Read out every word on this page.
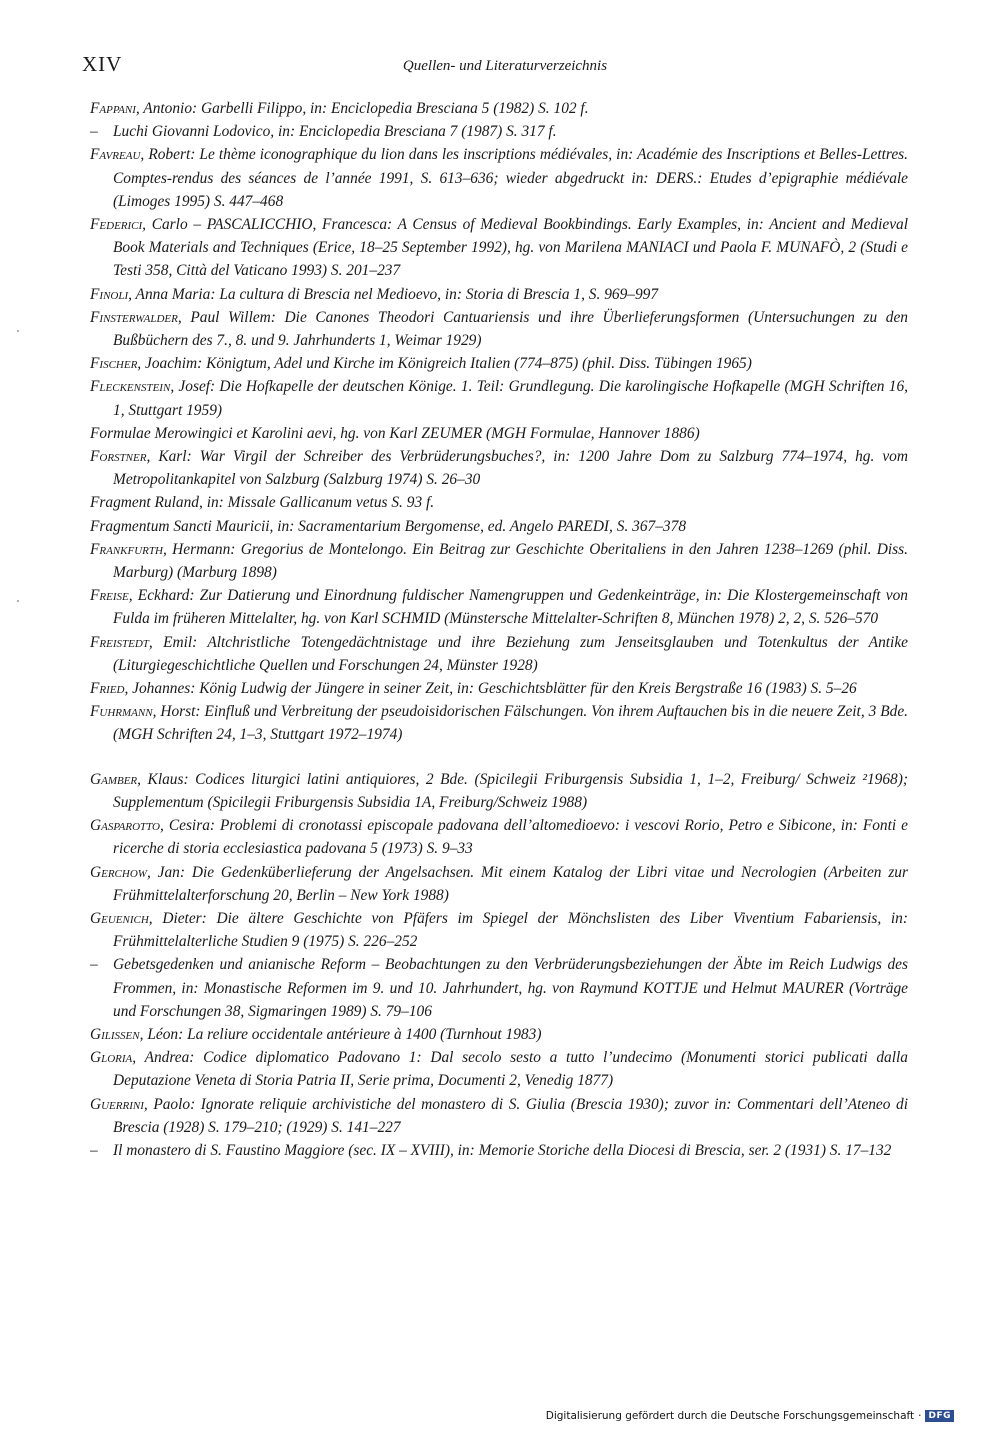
XIV	Quellen- und Literaturverzeichnis
Fappani, Antonio: Garbelli Filippo, in: Enciclopedia Bresciana 5 (1982) S. 102 f.
– Luchi Giovanni Lodovico, in: Enciclopedia Bresciana 7 (1987) S. 317 f.
Favreau, Robert: Le thème iconographique du lion dans les inscriptions médiévales, in: Académie des Inscriptions et Belles-Lettres. Comptes-rendus des séances de l’année 1991, S. 613–636; wieder abgedruckt in: DERS.: Etudes d’epigraphie médiévale (Limoges 1995) S. 447–468
Federici, Carlo – PASCALICCHIO, Francesca: A Census of Medieval Bookbindings. Early Examples, in: Ancient and Medieval Book Materials and Techniques (Erice, 18–25 September 1992), hg. von Marilena MANIACI und Paola F. MUNAFÒ, 2 (Studi e Testi 358, Città del Vaticano 1993) S. 201–237
Finoli, Anna Maria: La cultura di Brescia nel Medioevo, in: Storia di Brescia 1, S. 969–997
Finsterwalder, Paul Willem: Die Canones Theodori Cantuariensis und ihre Überlieferungsformen (Untersuchungen zu den Bußbüchern des 7., 8. und 9. Jahrhunderts 1, Weimar 1929)
Fischer, Joachim: Königtum, Adel und Kirche im Königreich Italien (774–875) (phil. Diss. Tübingen 1965)
Fleckenstein, Josef: Die Hofkapelle der deutschen Könige. 1. Teil: Grundlegung. Die karolingische Hofkapelle (MGH Schriften 16, 1, Stuttgart 1959)
Formulae Merowingici et Karolini aevi, hg. von Karl ZEUMER (MGH Formulae, Hannover 1886)
Forstner, Karl: War Virgil der Schreiber des Verbrüderungsbuches?, in: 1200 Jahre Dom zu Salzburg 774–1974, hg. vom Metropolitankapitel von Salzburg (Salzburg 1974) S. 26–30
Fragment Ruland, in: Missale Gallicanum vetus S. 93 f.
Fragmentum Sancti Mauricii, in: Sacramentarium Bergomense, ed. Angelo PAREDI, S. 367–378
Frankfurth, Hermann: Gregorius de Montelongo. Ein Beitrag zur Geschichte Oberitaliens in den Jahren 1238–1269 (phil. Diss. Marburg) (Marburg 1898)
Freise, Eckhard: Zur Datierung und Einordnung fuldischer Namengruppen und Gedenkeinträge, in: Die Klostergemeinschaft von Fulda im früheren Mittelalter, hg. von Karl SCHMID (Münstersche Mittelalter-Schriften 8, München 1978) 2, 2, S. 526–570
Freistedt, Emil: Altchristliche Totengedächtnistage und ihre Beziehung zum Jenseitsglauben und Totenkultus der Antike (Liturgiegeschichtliche Quellen und Forschungen 24, Münster 1928)
Fried, Johannes: König Ludwig der Jüngere in seiner Zeit, in: Geschichtsblätter für den Kreis Bergstraße 16 (1983) S. 5–26
Fuhrmann, Horst: Einfluß und Verbreitung der pseudoisidorischen Fälschungen. Von ihrem Auftauchen bis in die neuere Zeit, 3 Bde. (MGH Schriften 24, 1–3, Stuttgart 1972–1974)
Gamber, Klaus: Codices liturgici latini antiquiores, 2 Bde. (Spicilegii Friburgensis Subsidia 1, 1–2, Freiburg/ Schweiz ²1968); Supplementum (Spicilegii Friburgensis Subsidia 1A, Freiburg/Schweiz 1988)
Gasparotto, Cesira: Problemi di cronotassi episcopale padovana dell’altomedioevo: i vescovi Rorio, Petro e Sibicone, in: Fonti e ricerche di storia ecclesiastica padovana 5 (1973) S. 9–33
Gerchow, Jan: Die Gedenküberlieferung der Angelsachsen. Mit einem Katalog der Libri vitae und Necrologien (Arbeiten zur Frühmittelalterforschung 20, Berlin – New York 1988)
Geuenich, Dieter: Die ältere Geschichte von Pfäfers im Spiegel der Mönchslisten des Liber Viventium Fabariensis, in: Frühmittelalterliche Studien 9 (1975) S. 226–252
– Gebetsgedenken und anianische Reform – Beobachtungen zu den Verbrüderungsbeziehungen der Äbte im Reich Ludwigs des Frommen, in: Monastische Reformen im 9. und 10. Jahrhundert, hg. von Raymund KOTTJE und Helmut MAURER (Vorträge und Forschungen 38, Sigmaringen 1989) S. 79–106
Gilissen, Léon: La reliure occidentale antérieure à 1400 (Turnhout 1983)
Gloria, Andrea: Codice diplomatico Padovano 1: Dal secolo sesto a tutto l’undecimo (Monumenti storici publicati dalla Deputazione Veneta di Storia Patria II, Serie prima, Documenti 2, Venedig 1877)
Guerrini, Paolo: Ignorate reliquie archivistiche del monastero di S. Giulia (Brescia 1930); zuvor in: Commentari dell’Ateneo di Brescia (1928) S. 179–210; (1929) S. 141–227
– Il monastero di S. Faustino Maggiore (sec. IX – XVIII), in: Memorie Storiche della Diocesi di Brescia, ser. 2 (1931) S. 17–132
Digitalisierung gefördert durch die Deutsche Forschungsgemeinschaft · DFG
